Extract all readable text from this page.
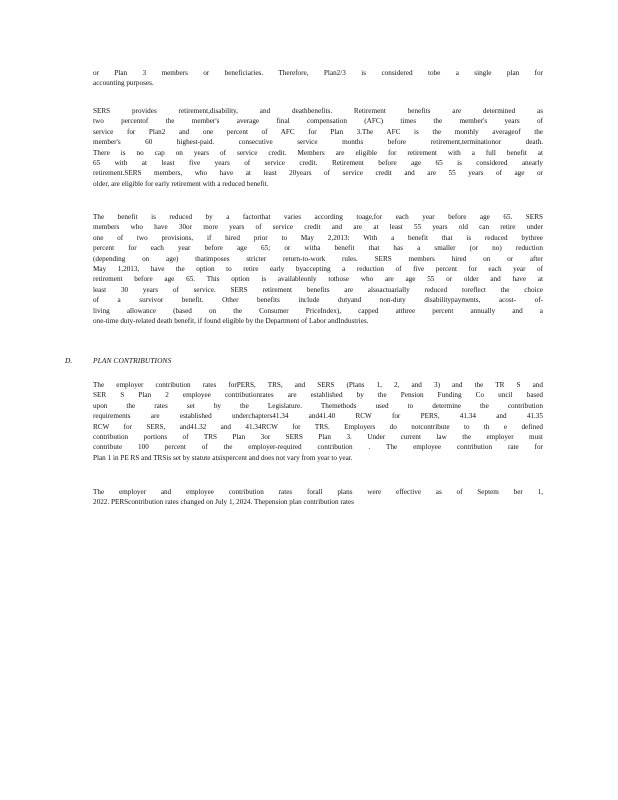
or Plan 3 members or beneficiaries. Therefore, Plan2/3 is considered tobe a single plan for
accounting purposes.
SERS provides retirement,disability, and deathbenefits. Retirement benefits are determined as
two percentof the member's average final compensation (AFC) times the member's years of
service for Plan2 and one percent of AFC for Plan 3.The AFC is the monthly averageof the
member's 60 highest-paid. consecutive service months before retirement,terminationor death.
There is no cap on years of service credit. Members are eligible for retirement with a full benefit at
65 with at least five years of service credit. Retirement before age 65 is considered anearly
retirement.SERS members, who have at least 20years of service credit and are 55 years of age or
older, are eligible for early retirement with a reduced benefit.
The benefit is reduced by a factorthat varies according toage,for each year before age 65. SERS
members who have 30or more years of service credit and are at least 55 years old can retire under
one of two provisions, if hired prior to May 2,2013: With a benefit that is reduced bythree
percent for each year before age 65; or witha benefit that has a smaller (or no) reduction
(depending on age) thatimposes stricter return-to-work rules. SERS members hired on or after
May 1,2013, have the option to retire early byaccepting a reduction of five percent for each year of
retirement before age 65. This option is availableonly tothose who are age 55 or older and have at
least 30 years of service. SERS retirement benefits are alsoactuarially reduced toreflect the choice
of a survivor benefit. Other benefits include dutyand non-duty disabilitypayments, acost- of-
living allowance (based on the Consumer PriceIndex), capped atthree percent annually and a
one-time duty-related death benefit, if found eligible by the Department of Labor andIndustries.
D.	PLAN CONTRIBUTIONS
The employer contribution rates forPERS, TRS, and SERS (Plans 1, 2, and 3) and the TR S and
SER S Plan 2 employee contributionrates are established by the Pension Funding Co uncil based
upon the rates set by the Legislature. Themethods used to determine the contribution
requirements are established underchapters41.34 and41.40 RCW for PERS, 41.34 and 41.35
RCW for SERS, and41.32 and 41.34RCW for TRS. Employers do notcontribute to th e defined
contribution portions of TRS Plan 3or SERS Plan 3. Under current law the employer must
contribute 100 percent of the employer-required contribution . The employee contribution rate for
Plan 1 in PE RS and TRSis set by statute atsixpercent and does not vary from year to year.
The employer and employee contribution rates forall plans were effective as of Septem ber 1,
2022. PERScontribution rates changed on July 1, 2024. Thepension plan contribution rates
